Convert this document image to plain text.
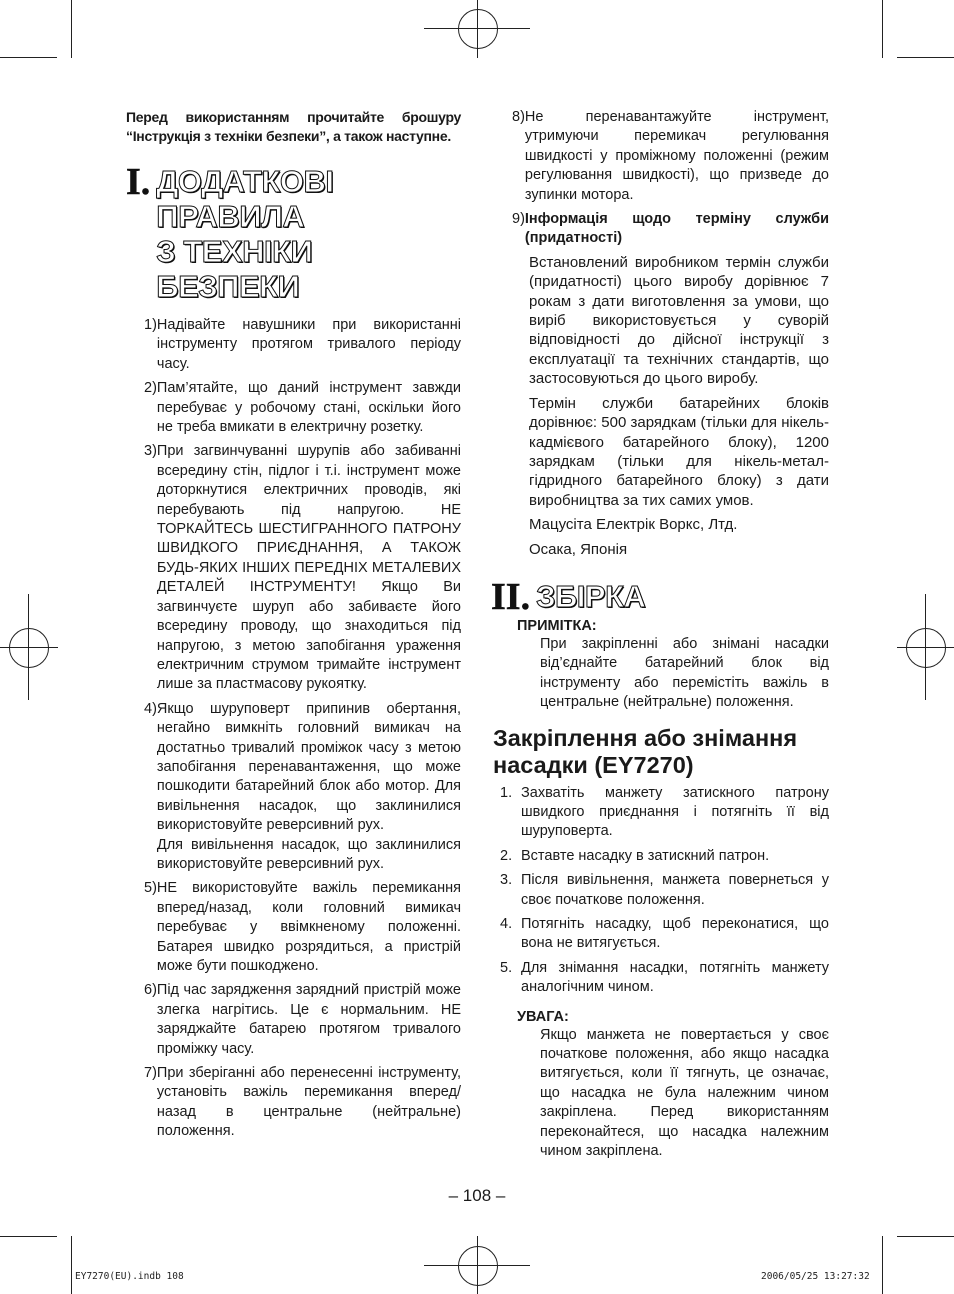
Перед використанням прочитайте брошуру “Інструкція з техніки безпеки”, а також наступне.

I. ДОДАТКОВІ ПРАВИЛА
З ТЕХНІКИ БЕЗПЕКИ
1) Надівайте навушники при використанні інструменту протягом тривалого періоду часу.
2) Пам’ятайте, що даний інструмент завжди перебуває у робочому стані, оскільки його не треба вмикати в електричну розетку.
3) При загвинчуванні шурупів або забиванні всередину стін, підлог і т.і. інструмент може доторкнутися електричних проводів, які перебувають під напругою. НЕ ТОРКАЙТЕСЬ ШЕСТИГРАННОГО ПАТРОНУ ШВИДКОГО ПРИЄДНАННЯ, А ТАКОЖ БУДЬ-ЯКИХ ІНШИХ ПЕРЕДНІХ МЕТАЛЕВИХ ДЕТАЛЕЙ ІНСТРУМЕНТУ! Якщо Ви загвинчуєте шуруп або забиваєте його всередину проводу, що знаходиться під напругою, з метою запобігання ураження електричним струмом тримайте інструмент лише за пластмасову рукоятку.
4) Якщо шуруповерт припинив обертання, негайно вимкніть головний вимикач на достатньо тривалий проміжок часу з метою запобігання перенавантаження, що може пошкодити батарейний блок або мотор. Для вивільнення насадок, що заклинилися використовуйте реверсивний рух.
Для вивільнення насадок, що заклинилися використовуйте реверсивний рух.
5) НЕ використовуйте важіль перемикання вперед/назад, коли головний вимикач перебуває у ввімкненому положенні. Батарея швидко розрядиться, а пристрій може бути пошкоджено.
6) Під час зарядження зарядний пристрій може злегка нагрітись. Це є нормальним. НЕ заряджайте батарею протягом тривалого проміжку часу.
7) При зберіганні або перенесенні інструменту, установіть важіль перемикання вперед/назад в центральне (нейтральне) положення.
8) Не перенавантажуйте інструмент, утримуючи перемикач регулювання швидкості у проміжному положенні (режим регулювання швидкості), що призведе до зупинки мотора.
9) Інформація щодо терміну служби (придатності)

Встановлений виробником термін служби (придатності) цього виробу дорівнює 7 рокам з дати виготовлення за умови, що виріб використовується у суворій відповідності до дійсної інструкції з експлуатації та технічних стандартів, що застосовуються до цього виробу.

Термін служби батарейних блоків дорівнює: 500 зарядкам (тільки для нікель-кадмієвого батарейного блоку), 1200 зарядкам (тільки для нікель-метал-гідридного батарейного блоку) з дати виробництва за тих самих умов.

Мацусіта Електрік Воркс, Лтд.

Осака, Японія

II. ЗБІРКА
ПРИМІТКА:

При закріпленні або знімані насадки від’єднайте батарейний блок від інструменту або перемістіть важіль в центральне (нейтральне) положення.

Закріплення або знімання
насадки (EY7270)
1. Захватіть манжету затискного патрону швидкого приєднання і потягніть її від шуруповерта.
2. Вставте насадку в затискний патрон.
3. Після вивільнення, манжета повернеться у своє початкове положення.
4. Потягніть насадку, щоб переконатися, що вона не витягується.
5. Для знімання насадки, потягніть манжету аналогічним чином.
УВАГА:

Якщо манжета не повертається у своє початкове положення, або якщо насадка витягується, коли її тягнуть, це означає, що насадка не була належним чином закріплена. Перед використанням переконайтеся, що насадка належним чином закріплена.

– 108 –
EY7270(EU).indb 108	2006/05/25 13:27:32
